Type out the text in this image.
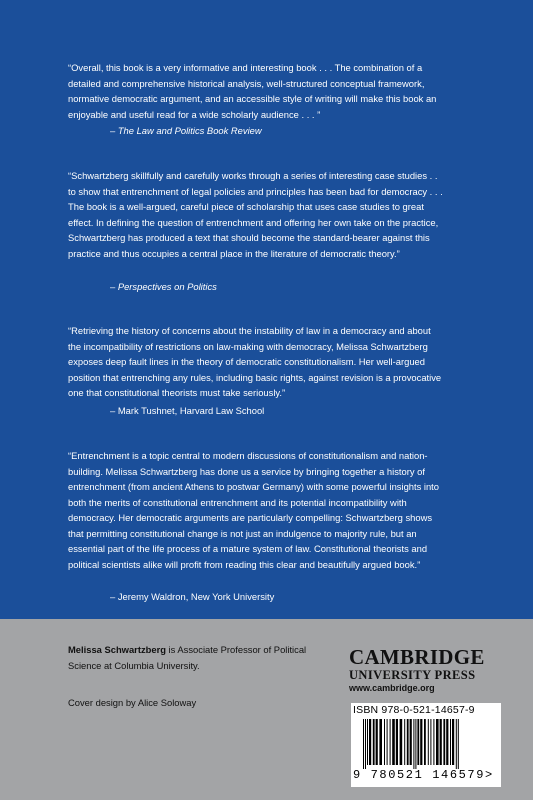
“Overall, this book is a very informative and interesting book . . . The combination of a
detailed and comprehensive historical analysis, well-structured conceptual framework,
normative democratic argument, and an accessible style of writing will make this book an
enjoyable and useful read for a wide scholarly audience . . . ”
– The Law and Politics Book Review
“Schwartzberg skillfully and carefully works through a series of interesting case studies . .
to show that entrenchment of legal policies and principles has been bad for democracy . . .
The book is a well-argued, careful piece of scholarship that uses case studies to great
effect. In defining the question of entrenchment and offering her own take on the practice,
Schwartzberg has produced a text that should become the standard-bearer against this
practice and thus occupies a central place in the literature of democratic theory.”
– Perspectives on Politics
“Retrieving the history of concerns about the instability of law in a democracy and about
the incompatibility of restrictions on law-making with democracy, Melissa Schwartzberg
exposes deep fault lines in the theory of democratic constitutionalism. Her well-argued
position that entrenching any rules, including basic rights, against revision is a provocative
one that constitutional theorists must take seriously.”
– Mark Tushnet, Harvard Law School
“Entrenchment is a topic central to modern discussions of constitutionalism and nation-
building. Melissa Schwartzberg has done us a service by bringing together a history of
entrenchment (from ancient Athens to postwar Germany) with some powerful insights into
both the merits of constitutional entrenchment and its potential incompatibility with
democracy. Her democratic arguments are particularly compelling: Schwartzberg shows
that permitting constitutional change is not just an indulgence to majority rule, but an
essential part of the life process of a mature system of law. Constitutional theorists and
political scientists alike will profit from reading this clear and beautifully argued book.”
– Jeremy Waldron, New York University
Melissa Schwartzberg is Associate Professor of Political Science at Columbia University.
Cover design by Alice Soloway
CAMBRIDGE
UNIVERSITY PRESS
www.cambridge.org
ISBN 978-0-521-14657-9
9 780521 146579>
